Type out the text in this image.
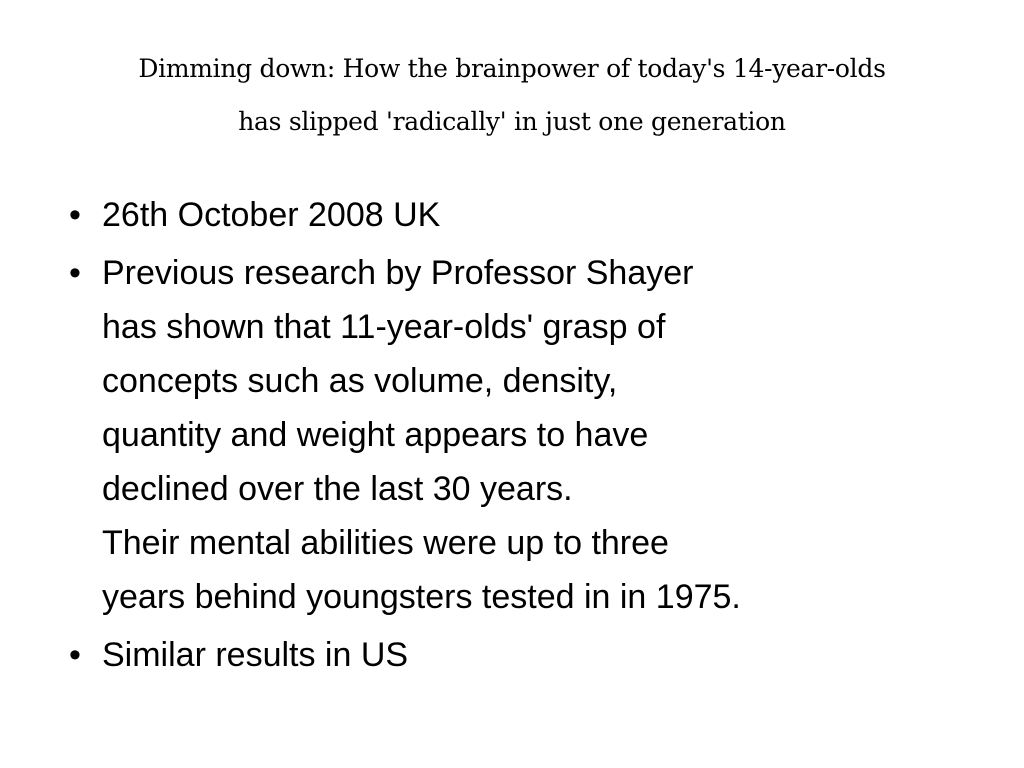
Dimming down: How the brainpower of today's 14-year-olds
has slipped 'radically' in just one generation
• 26th October 2008 UK
• Previous research by Professor Shayer
has shown that 11-year-olds' grasp of
concepts such as volume, density,
quantity and weight appears to have
declined over the last 30 years.
Their mental abilities were up to three
years behind youngsters tested in in 1975.
• Similar results in US
